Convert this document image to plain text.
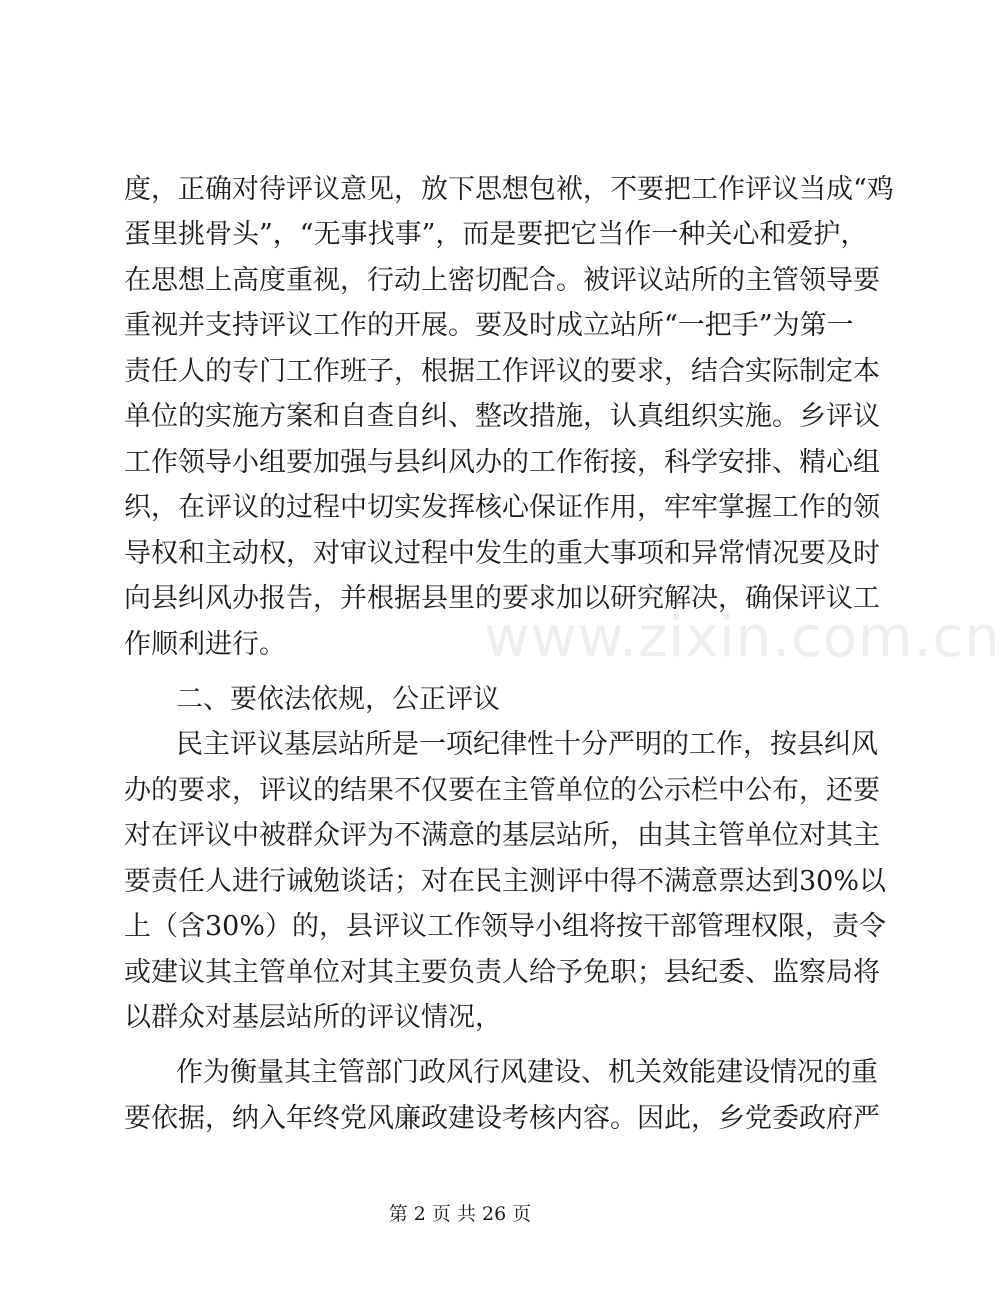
度，正确对待评议意见，放下思想包袱，不要把工作评议当成“鸡
蛋里挑骨头”，“无事找事”，而是要把它当作一种关心和爱护，
在思想上高度重视，行动上密切配合。被评议站所的主管领导要
重视并支持评议工作的开展。要及时成立站所“一把手”为第一
责任人的专门工作班子，根据工作评议的要求，结合实际制定本
单位的实施方案和自查自纠、整改措施，认真组织实施。乡评议
工作领导小组要加强与县纠风办的工作衔接，科学安排、精心组
织，在评议的过程中切实发挥核心保证作用，牢牢掌握工作的领
导权和主动权，对审议过程中发生的重大事项和异常情况要及时
向县纠风办报告，并根据县里的要求加以研究解决，确保评议工
作顺利进行。
二、要依法依规，公正评议
民主评议基层站所是一项纪律性十分严明的工作，按县纠风
办的要求，评议的结果不仅要在主管单位的公示栏中公布，还要
对在评议中被群众评为不满意的基层站所，由其主管单位对其主
要责任人进行诫勉谈话；对在民主测评中得不满意票达到30%以
上（含30%）的，县评议工作领导小组将按干部管理权限，责令
或建议其主管单位对其主要负责人给予免职；县纪委、监察局将
以群众对基层站所的评议情况，
作为衡量其主管部门政风行风建设、机关效能建设情况的重
要依据，纳入年终党风廉政建设考核内容。因此，乡党委政府严
www.zixin.com.cn
第 2 页 共 26 页
